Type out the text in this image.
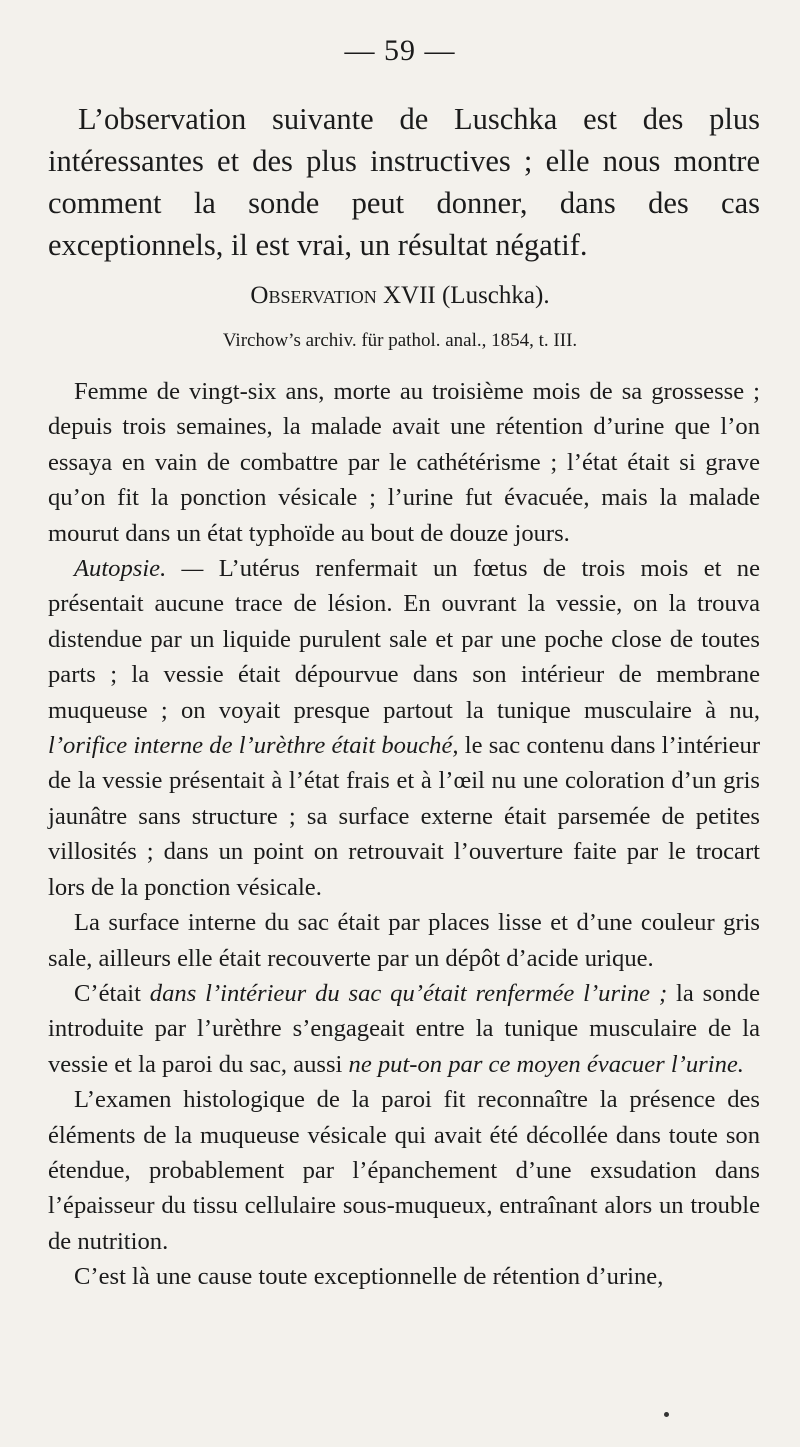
— 59 —

L’observation suivante de Luschka est des plus intéressantes et des plus instructives ; elle nous montre comment la sonde peut donner, dans des cas exceptionnels, il est vrai, un résultat négatif.

Observation XVII (Luschka).
Virchow’s archiv. für pathol. anal., 1854, t. III.

Femme de vingt-six ans, morte au troisième mois de sa grossesse ; depuis trois semaines, la malade avait une rétention d’urine que l’on essaya en vain de combattre par le cathétérisme ; l’état était si grave qu’on fit la ponction vésicale ; l’urine fut évacuée, mais la malade mourut dans un état typhoïde au bout de douze jours.

Autopsie. — L’utérus renfermait un fœtus de trois mois et ne présentait aucune trace de lésion. En ouvrant la vessie, on la trouva distendue par un liquide purulent sale et par une poche close de toutes parts ; la vessie était dépourvue dans son intérieur de membrane muqueuse ; on voyait presque partout la tunique musculaire à nu, l’orifice interne de l’urèthre était bouché, le sac contenu dans l’intérieur de la vessie présentait à l’état frais et à l’œil nu une coloration d’un gris jaunâtre sans structure ; sa surface externe était parsemée de petites villosités ; dans un point on retrouvait l’ouverture faite par le trocart lors de la ponction vésicale.

La surface interne du sac était par places lisse et d’une couleur gris sale, ailleurs elle était recouverte par un dépôt d’acide urique.

C’était dans l’intérieur du sac qu’était renfermée l’urine ; la sonde introduite par l’urèthre s’engageait entre la tunique musculaire de la vessie et la paroi du sac, aussi ne put-on par ce moyen évacuer l’urine.

L’examen histologique de la paroi fit reconnaître la présence des éléments de la muqueuse vésicale qui avait été décollée dans toute son étendue, probablement par l’épanchement d’une exsudation dans l’épaisseur du tissu cellulaire sous-muqueux, entraînant alors un trouble de nutrition.

C’est là une cause toute exceptionnelle de rétention d’urine,
